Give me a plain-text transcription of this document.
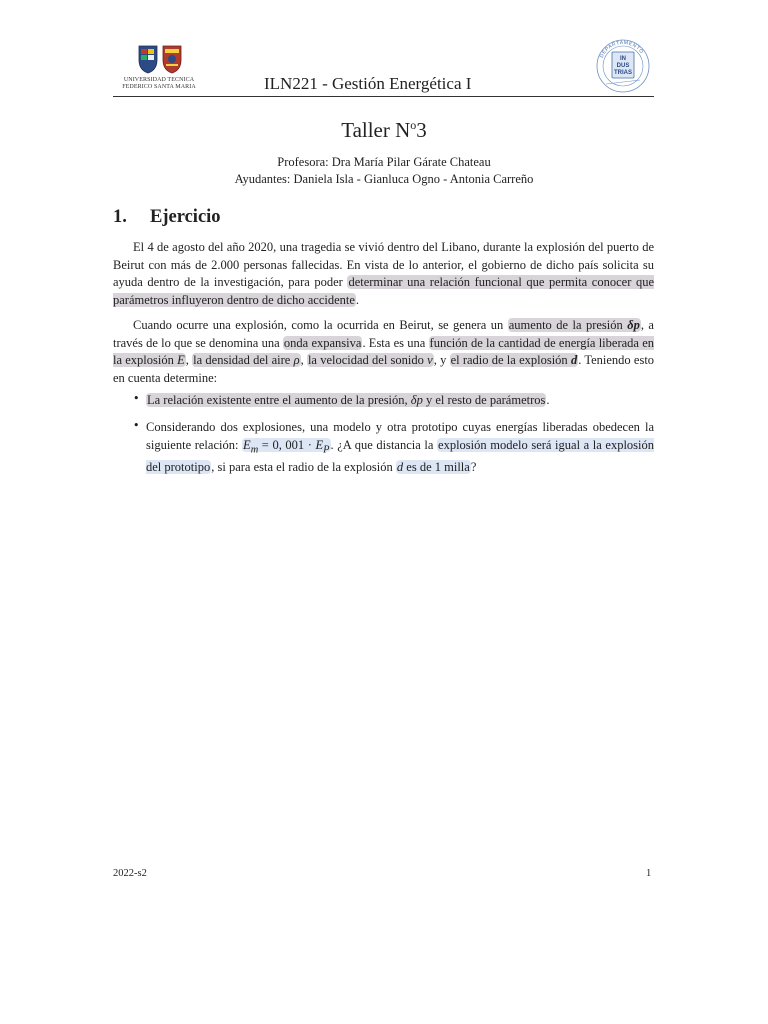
UNIVERSIDAD TECNICA
FEDERICO SANTA MARIA	ILN221 - Gestión Energética I
DEPARTAMENTO
IN
DUS
TRIAS
Taller $N^o3$
Profesora: Dra María Pilar Gárate Chateau
Ayudantes: Daniela Isla - Gianluca Ogno - Antonia Carreño
1. Ejercicio
El 4 de agosto del año 2020, una tragedia se vivió dentro del Libano, durante la explosión del puerto de Beirut con más de 2.000 personas fallecidas. En vista de lo anterior, el gobierno de dicho país solicita su ayuda dentro de la investigación, para poder determinar una relación funcional que permita conocer que parámetros influyeron dentro de dicho accidente.
Cuando ocurre una explosión, como la ocurrida en Beirut, se genera un aumento de la presión δp, a través de lo que se denomina una onda expansiva. Esta es una función de la cantidad de energía liberada en la explosión E, la densidad del aire ρ, la velocidad del sonido v, y el radio de la explosión d. Teniendo esto en cuenta determine:
• La relación existente entre el aumento de la presión, δp y el resto de parámetros.
• Considerando dos explosiones, una modelo y otra prototipo cuyas energías liberadas obedecen la siguiente relación: $E_m = 0$, $001 \cdot E_P$. ¿A que distancia la explosión modelo será igual a la explosión del prototipo, si para esta el radio de la explosión d es de 1 milla?
2022-s2	1
